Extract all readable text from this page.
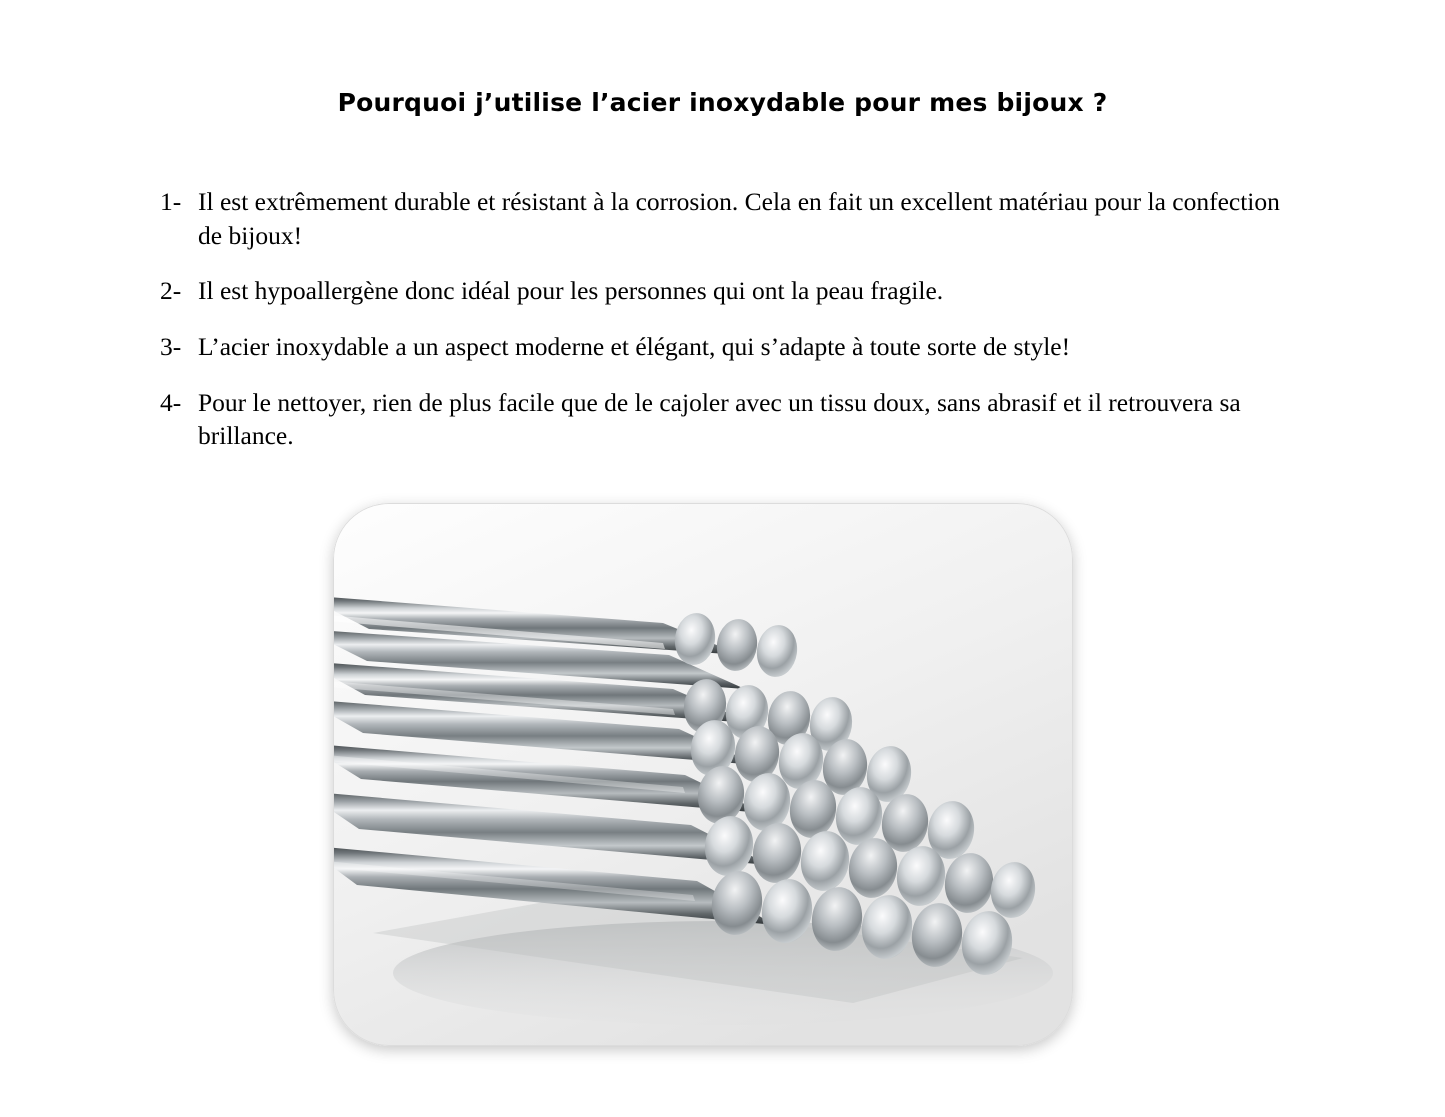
Pourquoi j’utilise l’acier inoxydable pour mes bijoux ?
1- Il est extrêmement durable et résistant à la corrosion. Cela en fait un excellent matériau pour la confection de bijoux!
2- Il est hypoallergène donc idéal pour les personnes qui ont la peau fragile.
3- L’acier inoxydable a un aspect moderne et élégant, qui s’adapte à toute sorte de style!
4- Pour le nettoyer, rien de plus facile que de le cajoler avec un tissu doux, sans abrasif et il retrouvera sa brillance.
